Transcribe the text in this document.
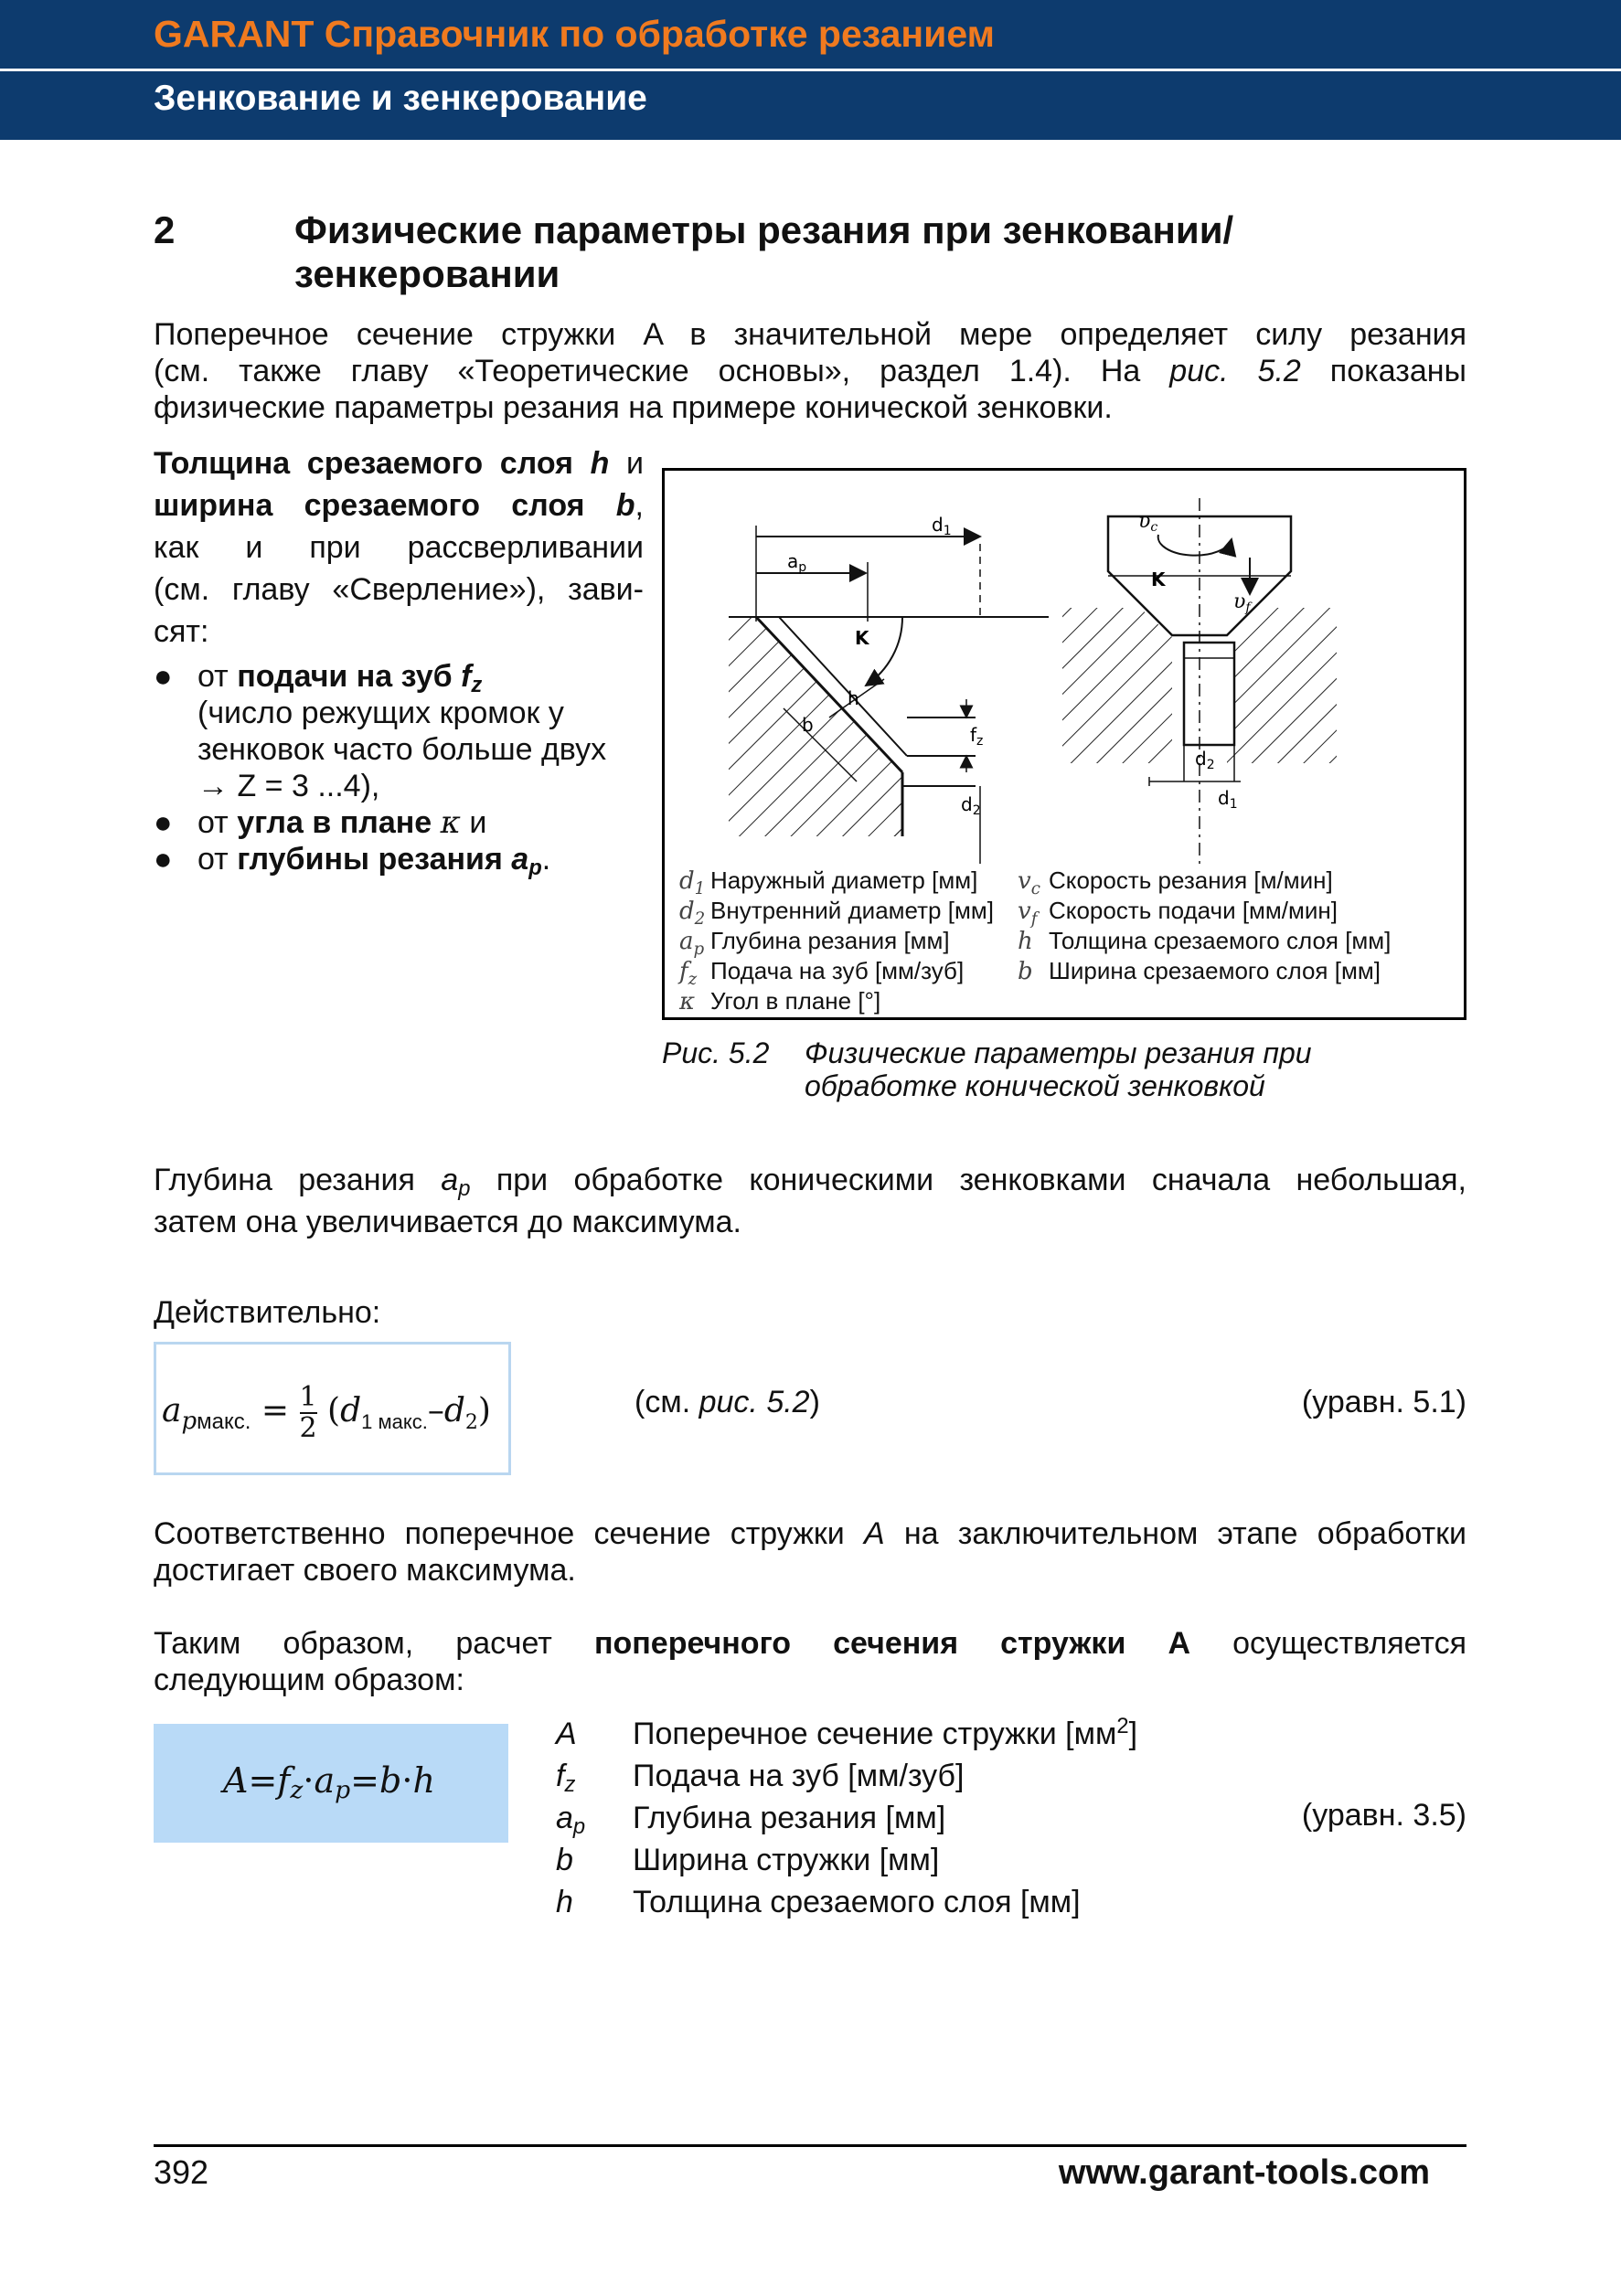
GARANT Справочник по обработке резанием
Зенкование и зенкерование
2	Физические параметры резания при зенковании/
зенкеровании
Поперечное сечение стружки A в значительной мере определяет силу резания
(см. также главу «Теоретические основы», раздел 1.4). На рис. 5.2 показаны
физические параметры резания на примере конической зенковки.
Толщина срезаемого слоя h и
ширина срезаемого слоя b,
как и при рассверливании
(см. главу «Сверление»), зави-
сят:
● от подачи на зуб $f_z$
(число режущих кромок у
зенковок часто больше двух
→ Z = 3 ...4),
● от угла в плане κ и
● от глубины резания $a_p$.
$d_1$
$a_p$
K
h
b	$f_z$
$d_2$
υc
υf
K
$d_2$
$d_1$
$d_1$ Наружный диаметр [мм]
$d_2$ Внутренний диаметр [мм]
$a_p$ Глубина резания [мм]
$f_z$ Подача на зуб [мм/зуб]
κ Угол в плане [°]
$v_c$ Скорость резания [м/мин]
$v_f$ Скорость подачи [мм/мин]
h Толщина срезаемого слоя [мм]
b Ширина срезаемого слоя [мм]
Рис. 5.2 Физические параметры резания при
обработке конической зенковкой
Глубина резания $a_p$ при обработке коническими зенковками сначала небольшая,
затем она увеличивается до максимума.
Действительно:
$a_{pмакс.} = \frac{1}{2} (d_{1 макс.}-d_2)$	(см. рис. 5.2)	(уравн. 5.1)
Соответственно поперечное сечение стружки A на заключительном этапе обработки
достигает своего максимума.
Таким образом, расчет поперечного сечения стружки A осуществляется
следующим образом:
$A=f_z\cdot a_p=b\cdot h$
A Поперечное сечение стружки $[мм^2]$
$f_z$ Подача на зуб [мм/зуб]
$a_p$ Глубина резания [мм]
b Ширина стружки [мм]
h Толщина срезаемого слоя [мм]
(уравн. 3.5)
392	www.garant-tools.com
